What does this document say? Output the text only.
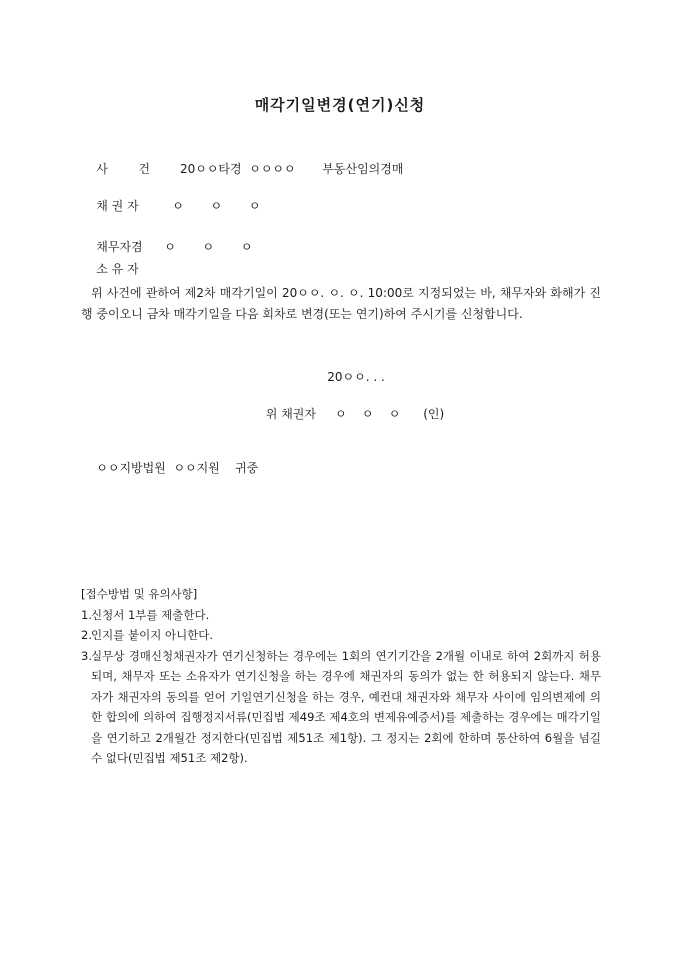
매각기일변경(연기)신청

사        건	20ㅇㅇ타경  ㅇㅇㅇㅇ       부동산임의경매

채 권 자	ㅇ       ㅇ       ㅇ

채무자겸 ㅇ       ㅇ       ㅇ

소 유 자

위 사건에 관하여 제2차 매각기일이 20ㅇㅇ. ㅇ. ㅇ. 10:00로 지정되었는 바, 채무자와 화해가 진행 중이오니 금차 매각기일을 다음 회차로 변경(또는 연기)하여 주시기를 신청합니다.
20ㅇㅇ. . .
위 채권자     ㅇ    ㅇ    ㅇ      (인)

ㅇㅇ지방법원  ㅇㅇ지원    귀중

[접수방법 및 유의사항]
1. 신청서 1부를 제출한다.
2. 인지를 붙이지 아니한다.
3. 실무상 경매신청채권자가 연기신청하는 경우에는 1회의 연기기간을 2개월 이내로 하여 2회까지 허용되며, 채무자 또는 소유자가 연기신청을 하는 경우에 채권자의 동의가 없는 한 허용되지 않는다. 채무자가 채권자의 동의를 얻어 기일연기신청을 하는 경우, 예컨대 채권자와 채무자 사이에 임의변제에 의한 합의에 의하여 집행정지서류(민집법 제49조 제4호의 변제유예증서)를 제출하는 경우에는 매각기일을 연기하고 2개월간 정지한다(민집법 제51조 제1항). 그 정지는 2회에 한하며 통산하여 6월을 넘길 수 없다(민집법 제51조 제2항).
